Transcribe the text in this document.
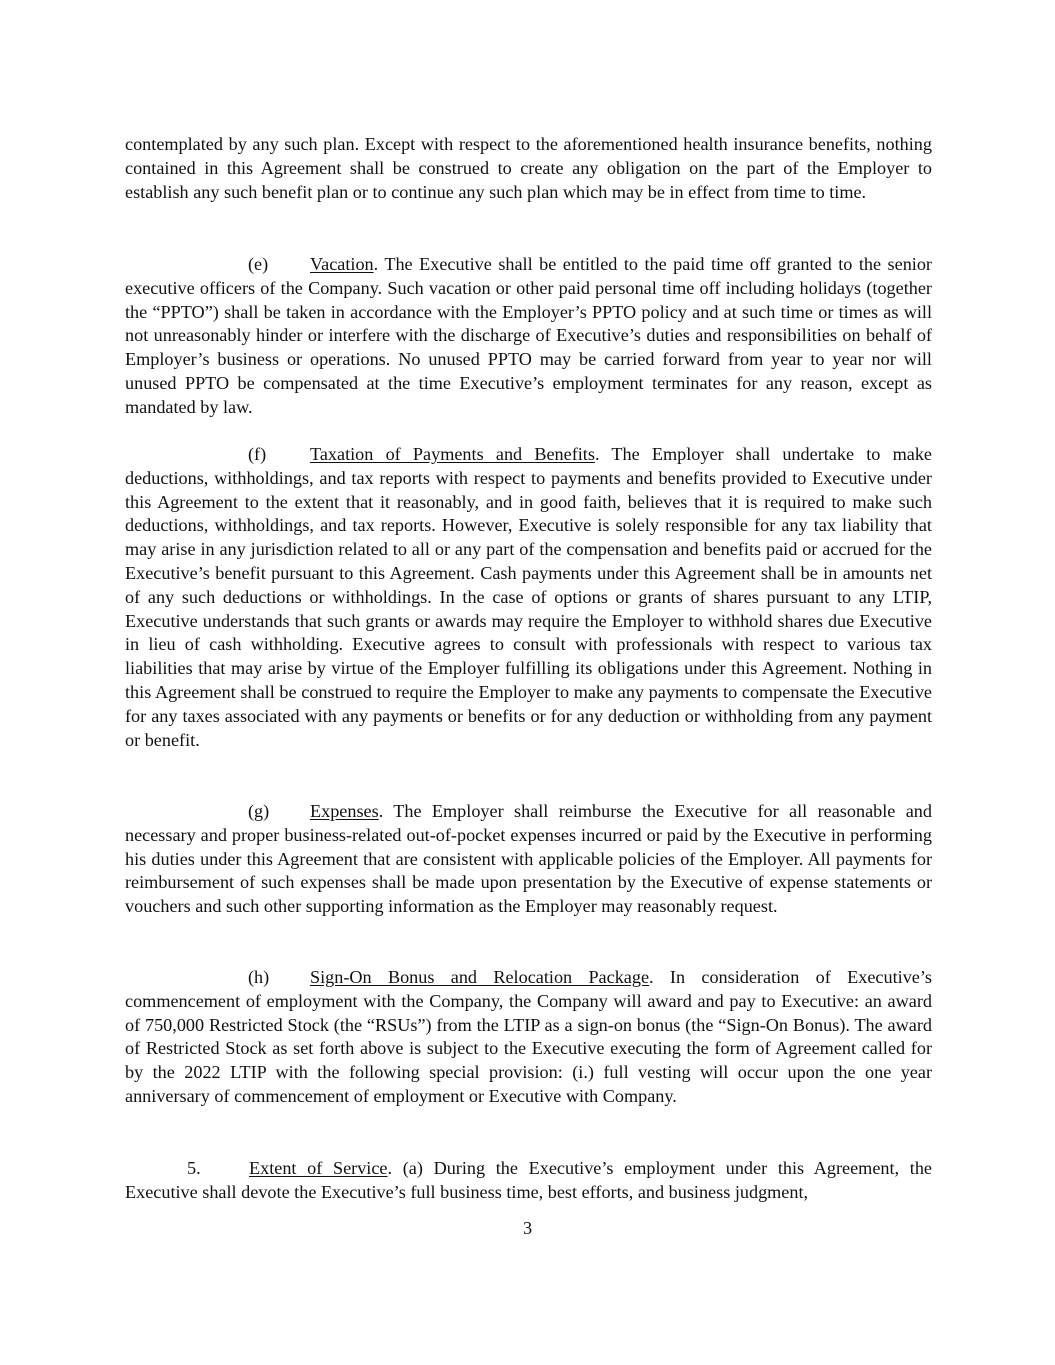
contemplated by any such plan. Except with respect to the aforementioned health insurance benefits, nothing contained in this Agreement shall be construed to create any obligation on the part of the Employer to establish any such benefit plan or to continue any such plan which may be in effect from time to time.

(e) Vacation. The Executive shall be entitled to the paid time off granted to the senior executive officers of the Company. Such vacation or other paid personal time off including holidays (together the “PPTO”) shall be taken in accordance with the Employer’s PPTO policy and at such time or times as will not unreasonably hinder or interfere with the discharge of Executive’s duties and responsibilities on behalf of Employer’s business or operations. No unused PPTO may be carried forward from year to year nor will unused PPTO be compensated at the time Executive’s employment terminates for any reason, except as mandated by law.

(f) Taxation of Payments and Benefits. The Employer shall undertake to make deductions, withholdings, and tax reports with respect to payments and benefits provided to Executive under this Agreement to the extent that it reasonably, and in good faith, believes that it is required to make such deductions, withholdings, and tax reports. However, Executive is solely responsible for any tax liability that may arise in any jurisdiction related to all or any part of the compensation and benefits paid or accrued for the Executive’s benefit pursuant to this Agreement. Cash payments under this Agreement shall be in amounts net of any such deductions or withholdings. In the case of options or grants of shares pursuant to any LTIP, Executive understands that such grants or awards may require the Employer to withhold shares due Executive in lieu of cash withholding. Executive agrees to consult with professionals with respect to various tax liabilities that may arise by virtue of the Employer fulfilling its obligations under this Agreement. Nothing in this Agreement shall be construed to require the Employer to make any payments to compensate the Executive for any taxes associated with any payments or benefits or for any deduction or withholding from any payment or benefit.

(g) Expenses. The Employer shall reimburse the Executive for all reasonable and necessary and proper business-related out-of-pocket expenses incurred or paid by the Executive in performing his duties under this Agreement that are consistent with applicable policies of the Employer. All payments for reimbursement of such expenses shall be made upon presentation by the Executive of expense statements or vouchers and such other supporting information as the Employer may reasonably request.

(h) Sign-On Bonus and Relocation Package. In consideration of Executive’s commencement of employment with the Company, the Company will award and pay to Executive: an award of 750,000 Restricted Stock (the “RSUs”) from the LTIP as a sign-on bonus (the “Sign-On Bonus). The award of Restricted Stock as set forth above is subject to the Executive executing the form of Agreement called for by the 2022 LTIP with the following special provision: (i.) full vesting will occur upon the one year anniversary of commencement of employment or Executive with Company.

5.	Extent of Service. (a) During the Executive’s employment under this Agreement, the Executive shall devote the Executive’s full business time, best efforts, and business judgment,

3
